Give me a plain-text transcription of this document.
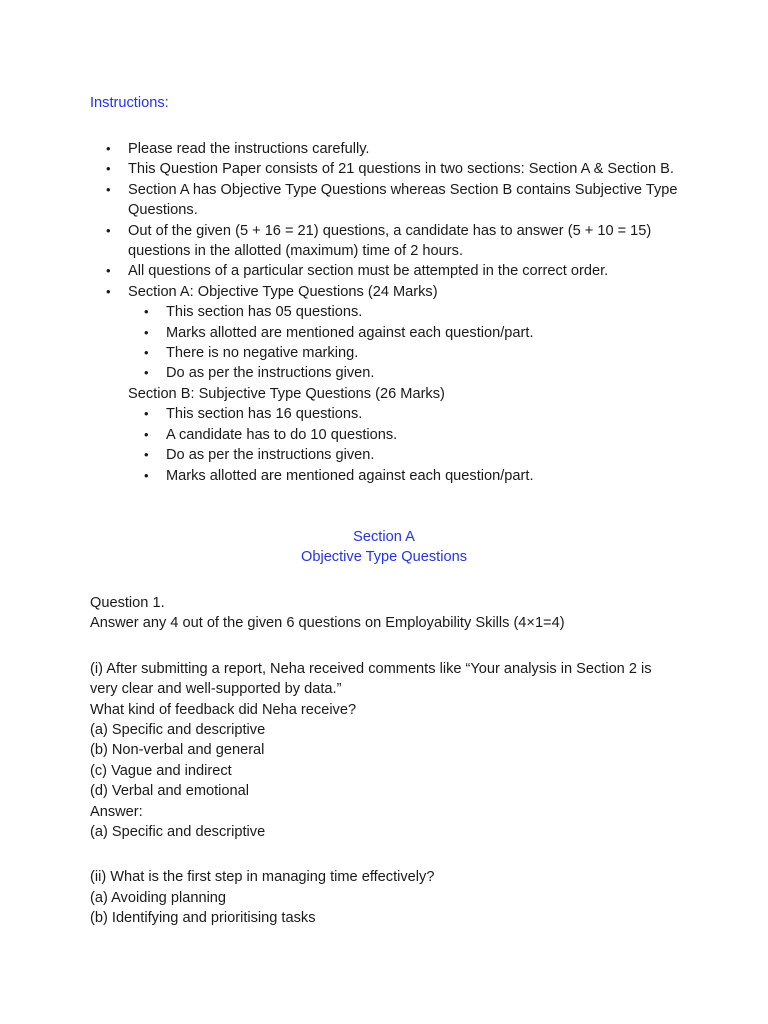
Instructions:
• Please read the instructions carefully.
• This Question Paper consists of 21 questions in two sections: Section A & Section B.
• Section A has Objective Type Questions whereas Section B contains Subjective Type Questions.
• Out of the given (5 + 16 = 21) questions, a candidate has to answer (5 + 10 = 15) questions in the allotted (maximum) time of 2 hours.
• All questions of a particular section must be attempted in the correct order.
• Section A: Objective Type Questions (24 Marks)
• This section has 05 questions.
• Marks allotted are mentioned against each question/part.
• There is no negative marking.
• Do as per the instructions given.
Section B: Subjective Type Questions (26 Marks)
• This section has 16 questions.
• A candidate has to do 10 questions.
• Do as per the instructions given.
• Marks allotted are mentioned against each question/part.
Section A
Objective Type Questions
Question 1.
Answer any 4 out of the given 6 questions on Employability Skills (4×1=4)
(i) After submitting a report, Neha received comments like “Your analysis in Section 2 is
very clear and well-supported by data.”
What kind of feedback did Neha receive?
(a) Specific and descriptive
(b) Non-verbal and general
(c) Vague and indirect
(d) Verbal and emotional
Answer:
(a) Specific and descriptive
(ii) What is the first step in managing time effectively?
(a) Avoiding planning
(b) Identifying and prioritising tasks
